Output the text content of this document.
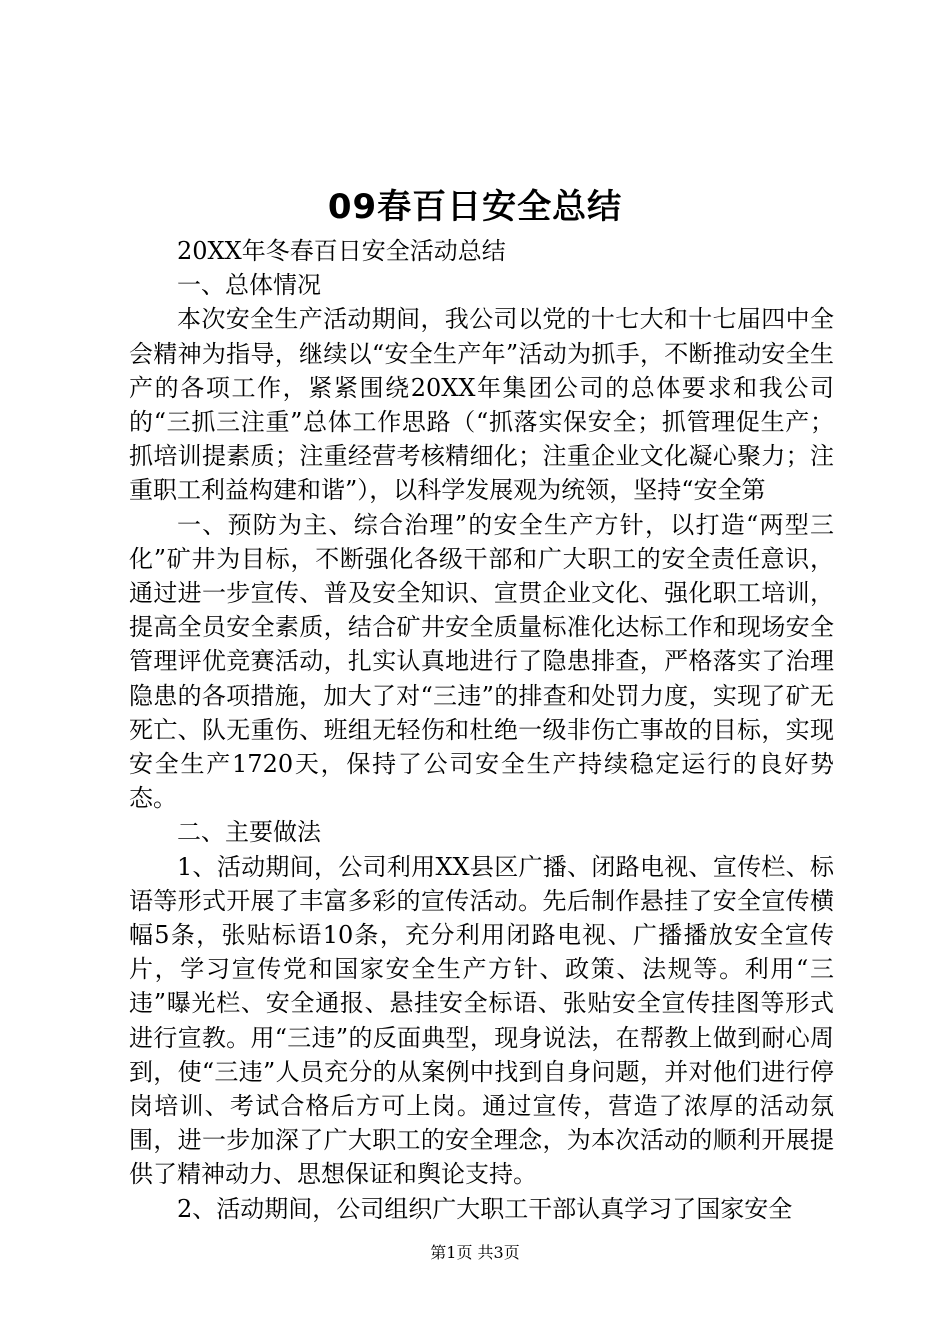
09春百日安全总结

20XX年冬春百日安全活动总结

一、总体情况

本次安全生产活动期间，我公司以党的十七大和十七届四中全会精神为指导，继续以“安全生产年”活动为抓手，不断推动安全生产的各项工作，紧紧围绕20XX年集团公司的总体要求和我公司的“三抓三注重”总体工作思路（“抓落实保安全；抓管理促生产；抓培训提素质；注重经营考核精细化；注重企业文化凝心聚力；注重职工利益构建和谐”），以科学发展观为统领，坚持“安全第

一、预防为主、综合治理”的安全生产方针，以打造“两型三化”矿井为目标，不断强化各级干部和广大职工的安全责任意识，通过进一步宣传、普及安全知识、宣贯企业文化、强化职工培训，提高全员安全素质，结合矿井安全质量标准化达标工作和现场安全管理评优竞赛活动，扎实认真地进行了隐患排查，严格落实了治理隐患的各项措施，加大了对“三违”的排查和处罚力度，实现了矿无死亡、队无重伤、班组无轻伤和杜绝一级非伤亡事故的目标，实现安全生产1720天，保持了公司安全生产持续稳定运行的良好势态。

二、主要做法

1、活动期间，公司利用XX县区广播、闭路电视、宣传栏、标语等形式开展了丰富多彩的宣传活动。先后制作悬挂了安全宣传横幅5条，张贴标语10条，充分利用闭路电视、广播播放安全宣传片，学习宣传党和国家安全生产方针、政策、法规等。利用“三违”曝光栏、安全通报、悬挂安全标语、张贴安全宣传挂图等形式进行宣教。用“三违”的反面典型，现身说法，在帮教上做到耐心周到，使“三违”人员充分的从案例中找到自身问题，并对他们进行停岗培训、考试合格后方可上岗。通过宣传，营造了浓厚的活动氛围，进一步加深了广大职工的安全理念，为本次活动的顺利开展提供了精神动力、思想保证和舆论支持。

2、活动期间，公司组织广大职工干部认真学习了国家安全

第1页 共3页
